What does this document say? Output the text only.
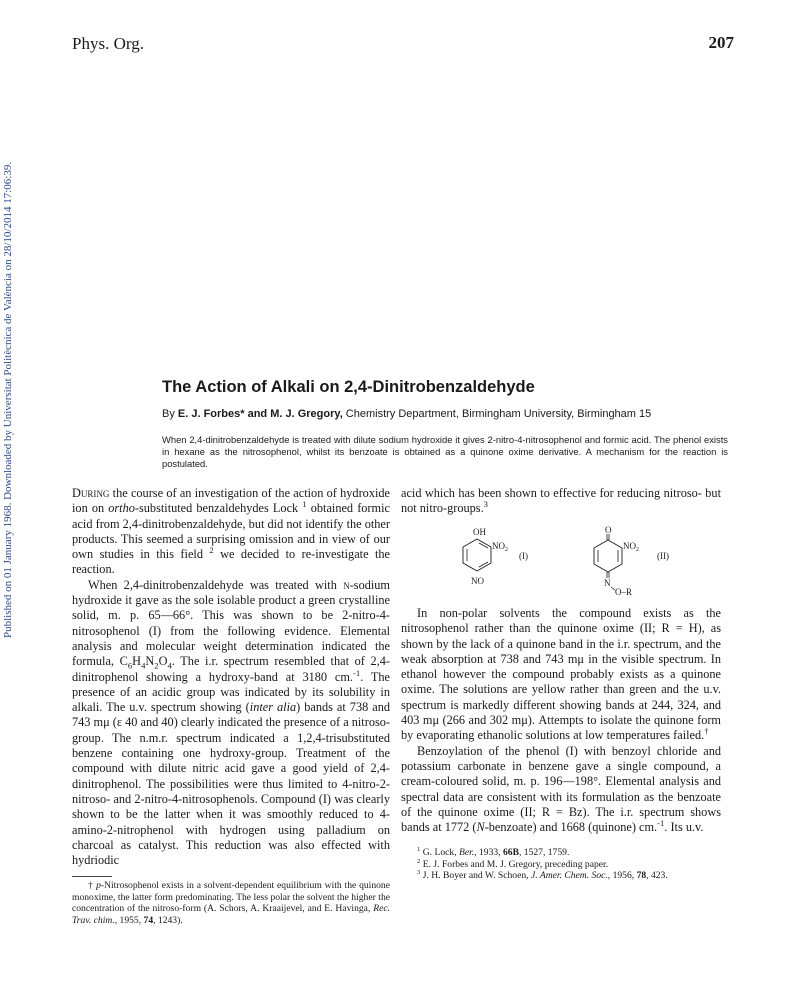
Phys. Org.	207
Published on 01 January 1968. Downloaded by Universitat Politècnica de València on 28/10/2014 17:06:39.	The Action of Alkali on 2,4-Dinitrobenzaldehyde
By E. J. Forbes* and M. J. Gregory, Chemistry Department, Birmingham University, Birmingham 15
When 2,4-dinitrobenzaldehyde is treated with dilute sodium hydroxide it gives 2-nitro-4-nitrosophenol and formic acid. The phenol exists in hexane as the nitrosophenol, whilst its benzoate is obtained as a quinone oxime derivative. A mechanism for the reaction is postulated.

During the course of an investigation of the action of hydroxide ion on ortho-substituted benzaldehydes Lock $^1$ obtained formic acid from 2,4-dinitrobenzaldehyde, but did not identify the other products. This seemed a surprising omission and in view of our own studies in this field $^2$ we decided to re-investigate the reaction.

When 2,4-dinitrobenzaldehyde was treated with n-sodium hydroxide it gave as the sole isolable product a green crystalline solid, m. p. 65—66°. This was shown to be 2-nitro-4-nitrosophenol (I) from the following evidence. Elemental analysis and molecular weight determination indicated the formula, $C_6H_4N_2O_4$. The i.r. spectrum resembled that of 2,4-dinitrophenol showing a hydroxy-band at 3180 cm.$^{-1}$. The presence of an acidic group was indicated by its solubility in alkali. The u.v. spectrum showing (inter alia) bands at 738 and 743 mμ (ε 40 and 40) clearly indicated the presence of a nitroso-group. The n.m.r. spectrum indicated a 1,2,4-trisubstituted benzene containing one hydroxy-group. Treatment of the compound with dilute nitric acid gave a good yield of 2,4-dinitrophenol. The possibilities were thus limited to 4-nitro-2-nitroso- and 2-nitro-4-nitrosophenols. Compound (I) was clearly shown to be the latter when it was smoothly reduced to 4-amino-2-nitrophenol with hydrogen using palladium on charcoal as catalyst. This reduction was also effected with hydriodic

† p-Nitrosophenol exists in a solvent-dependent equilibrium with the quinone monoxime, the latter form predominating. The less polar the solvent the higher the concentration of the nitroso-form (A. Schors, A. Kraaijevel, and E. Havinga, Rec. Trav. chim., 1955, 74, 1243).

acid which has been shown to effective for reducing nitroso- but not nitro-groups.$^3$

OH
$NO_2$
(I)
NO
O
$NO_2$
(II)
N
O–R

In non-polar solvents the compound exists as the nitrosophenol rather than the quinone oxime (II; R = H), as shown by the lack of a quinone band in the i.r. spectrum, and the weak absorption at 738 and 743 mμ in the visible spectrum. In ethanol however the compound probably exists as a quinone oxime. The solutions are yellow rather than green and the u.v. spectrum is markedly different showing bands at 244, 324, and 403 mμ (266 and 302 mμ). Attempts to isolate the quinone form by evaporating ethanolic solutions at low temperatures failed.†

Benzoylation of the phenol (I) with benzoyl chloride and potassium carbonate in benzene gave a single compound, a cream-coloured solid, m. p. 196—198°. Elemental analysis and spectral data are consistent with its formulation as the benzoate of the quinone oxime (II; R = Bz). The i.r. spectrum shows bands at 1772 (N-benzoate) and 1668 (quinone) cm.$^{-1}$. Its u.v.

$^1$ G. Lock, Ber., 1933, 66B, 1527, 1759.

$^2$ E. J. Forbes and M. J. Gregory, preceding paper.

$^3$ J. H. Boyer and W. Schoen, J. Amer. Chem. Soc., 1956, 78, 423.
